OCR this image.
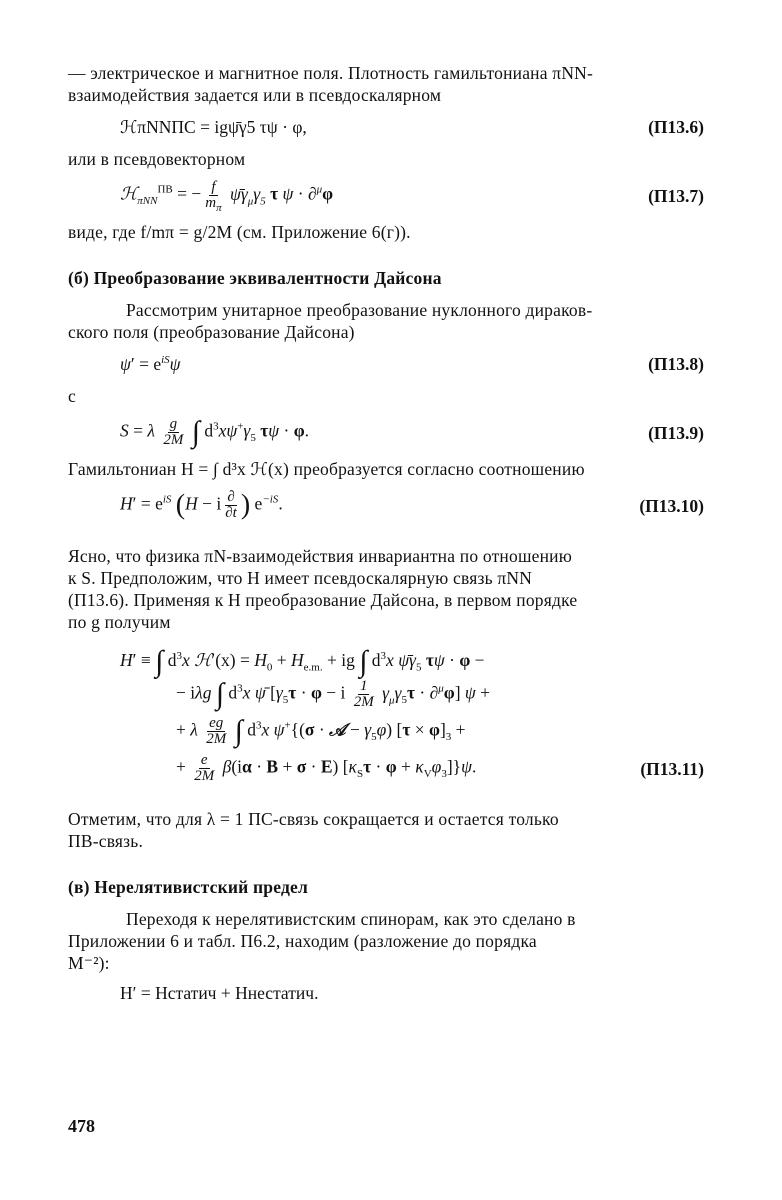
— электрическое и магнитное поля. Плотность гамильтониана πNN-

взаимодействия задается или в псевдоскалярном

ℋπNNПС = igψ̄γ5 τψ · φ,	(П13.6)

или в псевдовекторном

ℋ$_{\pi NN}^{ПВ}$ = − $\frac{f}{m_\pi}$ $\psī\gamma_\mu\gamma_5$ τ ψ · ∂$^\mu$φ	(П13.7)

виде, где f/mπ = g/2M (см. Приложение 6(г)).

(б) Преобразование эквивалентности Дайсона

Рассмотрим унитарное преобразование нуклонного дираков-

ского поля (преобразование Дайсона)

$\psi' = e^{iS}\psi$	(П13.8)

с

S = λ $\frac{g}{2M}$ ∫ $d^3x\psi^+\gamma_5$ τψ · φ.	(П13.9)

Гамильтониан H = ∫ d³x ℋ(x) преобразуется согласно соотношению

$H' = e^{iS}$ (H − i $\frac{\partial}{\partial t}$ ) $e^{-iS}$.	(П13.10)

Ясно, что физика πN-взаимодействия инвариантна по отношению

к S. Предположим, что H имеет псевдоскалярную связь πNN

(П13.6). Применяя к H преобразование Дайсона, в первом порядке

по g получим

H′ ≡ ∫ $d^3x$ ℋ′(x) = $H_0 + H_{e.m.}$ + ig ∫ $d^3x$ $\psī\gamma_5$ τψ · φ −
− iλg ∫ $d^3x$ ψ̄ $[\gamma_5\tau \cdot \varphi - i \frac{1}{2M} \gamma_\mu\gamma_5\tau \cdot \partial^\mu\varphi] \psi$ +
+ λ $\frac{eg}{2M}$ ∫ $d^3x$ ψ+{(σ · 𝒜 − $\gamma_5\varphi$) $[\tau \times \varphi]_3$ +
+ $\frac{e}{2M} \beta(i\alpha \cdot B + \sigma \cdot E) [\kappa_S\tau \cdot \varphi + \kappa_V\varphi_3]\}\psi$.	(П13.11)

Отметим, что для λ = 1 ПС-связь сокращается и остается только

ПВ-связь.

(в) Нерелятивистский предел

Переходя к нерелятивистским спинорам, как это сделано в

Приложении 6 и табл. П6.2, находим (разложение до порядка

M⁻²):

H′ = Hстатич + Hнестатич.
478
